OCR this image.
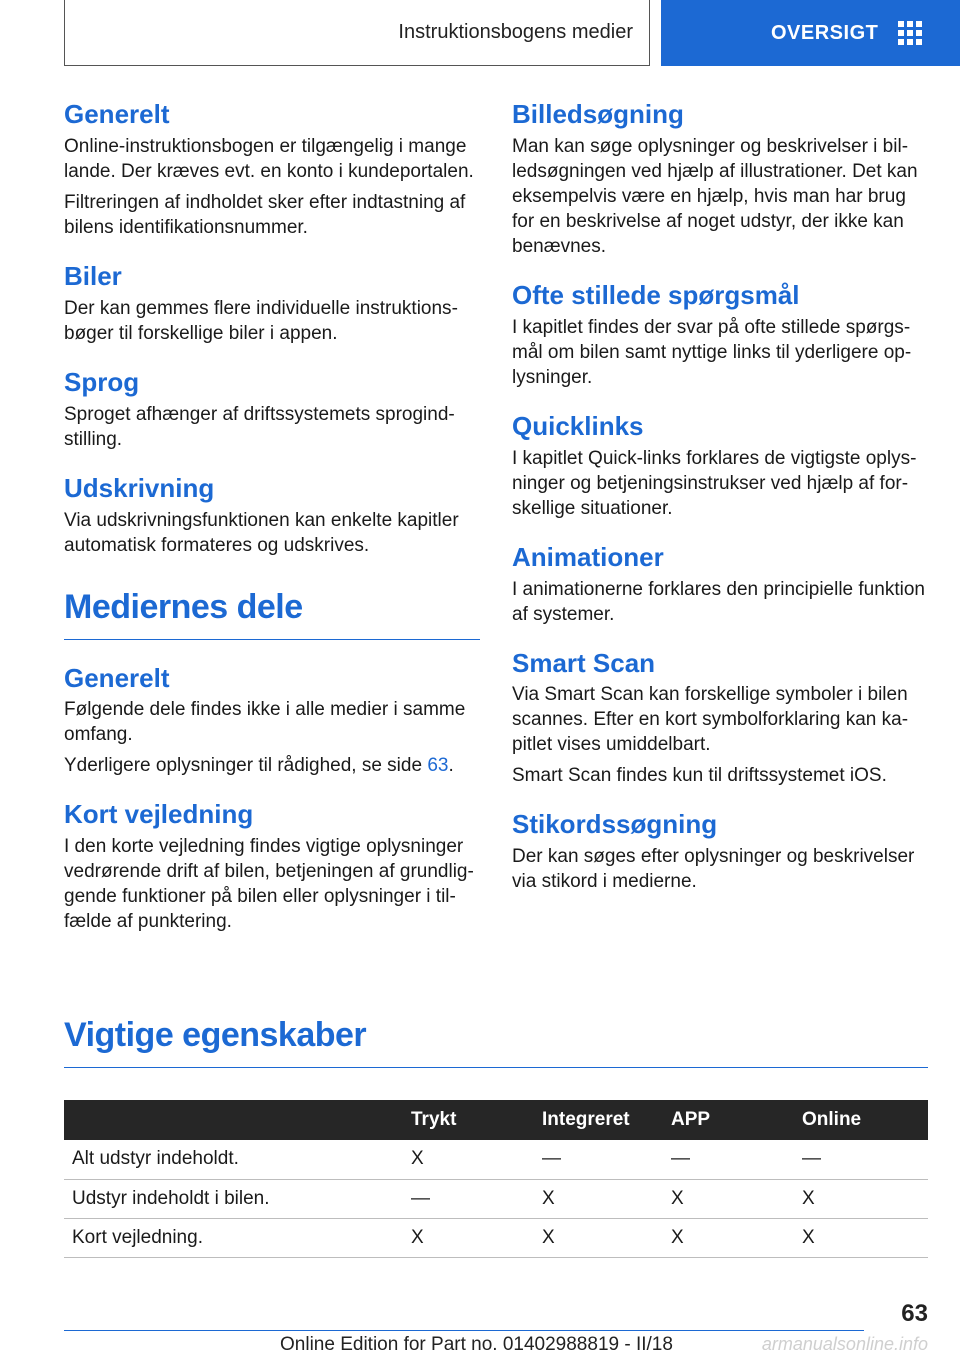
Instruktionsbogens medier	OVERSIGT
Generelt

Online-instruktionsbogen er tilgængelig i mange lande. Der kræves evt. en konto i kundeportalen.

Filtreringen af indholdet sker efter indtastning af bilens identifikationsnummer.

Biler

Der kan gemmes flere individuelle instruktionsbøger til forskellige biler i appen.

Sprog

Sproget afhænger af driftssystemets sprogindstilling.

Udskrivning

Via udskrivningsfunktionen kan enkelte kapitler automatisk formateres og udskrives.

Mediernes dele
Generelt

Følgende dele findes ikke i alle medier i samme omfang.

Yderligere oplysninger til rådighed, se side 63.

Kort vejledning

I den korte vejledning findes vigtige oplysninger vedrørende drift af bilen, betjeningen af grundliggende funktioner på bilen eller oplysninger i tilfælde af punktering.

Billedsøgning

Man kan søge oplysninger og beskrivelser i billedsøgningen ved hjælp af illustrationer. Det kan eksempelvis være en hjælp, hvis man har brug for en beskrivelse af noget udstyr, der ikke kan benævnes.

Ofte stillede spørgsmål

I kapitlet findes der svar på ofte stillede spørgsmål om bilen samt nyttige links til yderligere oplysninger.

Quicklinks

I kapitlet Quick-links forklares de vigtigste oplysninger og betjeningsinstrukser ved hjælp af forskellige situationer.

Animationer

I animationerne forklares den principielle funktion af systemer.

Smart Scan

Via Smart Scan kan forskellige symboler i bilen scannes. Efter en kort symbolforklaring kan kapitlet vises umiddelbart.

Smart Scan findes kun til driftssystemet iOS.

Stikordssøgning

Der kan søges efter oplysninger og beskrivelser via stikord i medierne.

Vigtige egenskaber
	Trykt	Integreret	APP	Online
Alt udstyr indeholdt.	X	—	—	—
Udstyr indeholdt i bilen.	—	X	X	X
Kort vejledning.	X	X	X	X
63
Online Edition for Part no. 01402988819 - II/18	armanualsonline.info
